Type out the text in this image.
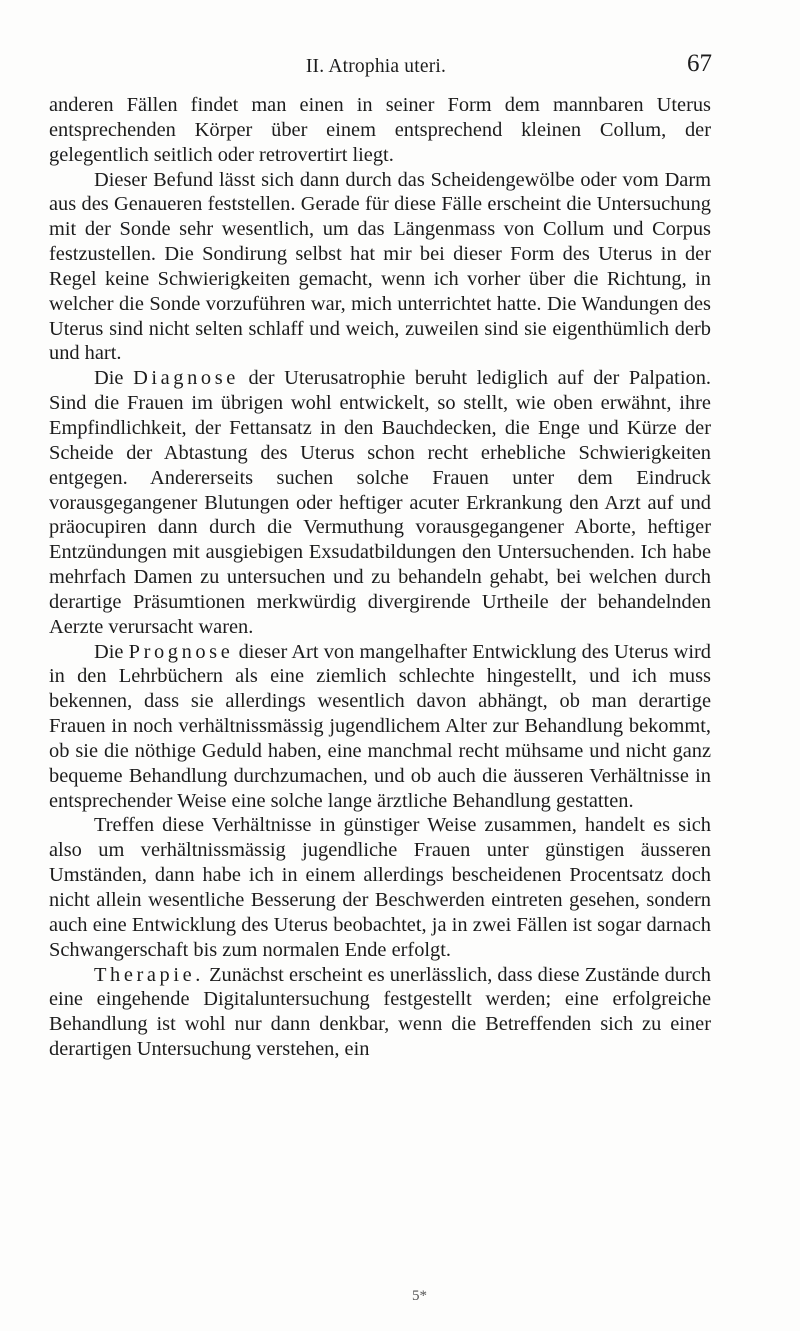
II. Atrophia uteri.	67

anderen Fällen findet man einen in seiner Form dem mannbaren Uterus entsprechenden Körper über einem entsprechend kleinen Collum, der gelegentlich seitlich oder retrovertirt liegt.

Dieser Befund lässt sich dann durch das Scheidengewölbe oder vom Darm aus des Genaueren feststellen. Gerade für diese Fälle erscheint die Untersuchung mit der Sonde sehr wesentlich, um das Längenmass von Collum und Corpus festzustellen. Die Sondirung selbst hat mir bei dieser Form des Uterus in der Regel keine Schwierigkeiten gemacht, wenn ich vorher über die Richtung, in welcher die Sonde vorzuführen war, mich unterrichtet hatte. Die Wandungen des Uterus sind nicht selten schlaff und weich, zuweilen sind sie eigenthümlich derb und hart.

Die Diagnose der Uterusatrophie beruht lediglich auf der Palpation. Sind die Frauen im übrigen wohl entwickelt, so stellt, wie oben erwähnt, ihre Empfindlichkeit, der Fettansatz in den Bauchdecken, die Enge und Kürze der Scheide der Abtastung des Uterus schon recht erhebliche Schwierigkeiten entgegen. Andererseits suchen solche Frauen unter dem Eindruck vorausgegangener Blutungen oder heftiger acuter Erkrankung den Arzt auf und präocupiren dann durch die Vermuthung vorausgegangener Aborte, heftiger Entzündungen mit ausgiebigen Exsudatbildungen den Untersuchenden. Ich habe mehrfach Damen zu untersuchen und zu behandeln gehabt, bei welchen durch derartige Präsumtionen merkwürdig divergirende Urtheile der behandelnden Aerzte verursacht waren.

Die Prognose dieser Art von mangelhafter Entwicklung des Uterus wird in den Lehrbüchern als eine ziemlich schlechte hingestellt, und ich muss bekennen, dass sie allerdings wesentlich davon abhängt, ob man derartige Frauen in noch verhältnissmässig jugendlichem Alter zur Behandlung bekommt, ob sie die nöthige Geduld haben, eine manchmal recht mühsame und nicht ganz bequeme Behandlung durchzumachen, und ob auch die äusseren Verhältnisse in entsprechender Weise eine solche lange ärztliche Behandlung gestatten.

Treffen diese Verhältnisse in günstiger Weise zusammen, handelt es sich also um verhältnissmässig jugendliche Frauen unter günstigen äusseren Umständen, dann habe ich in einem allerdings bescheidenen Procentsatz doch nicht allein wesentliche Besserung der Beschwerden eintreten gesehen, sondern auch eine Entwicklung des Uterus beobachtet, ja in zwei Fällen ist sogar darnach Schwangerschaft bis zum normalen Ende erfolgt.

Therapie. Zunächst erscheint es unerlässlich, dass diese Zustände durch eine eingehende Digitaluntersuchung festgestellt werden; eine erfolgreiche Behandlung ist wohl nur dann denkbar, wenn die Betreffenden sich zu einer derartigen Untersuchung verstehen, ein

5*
